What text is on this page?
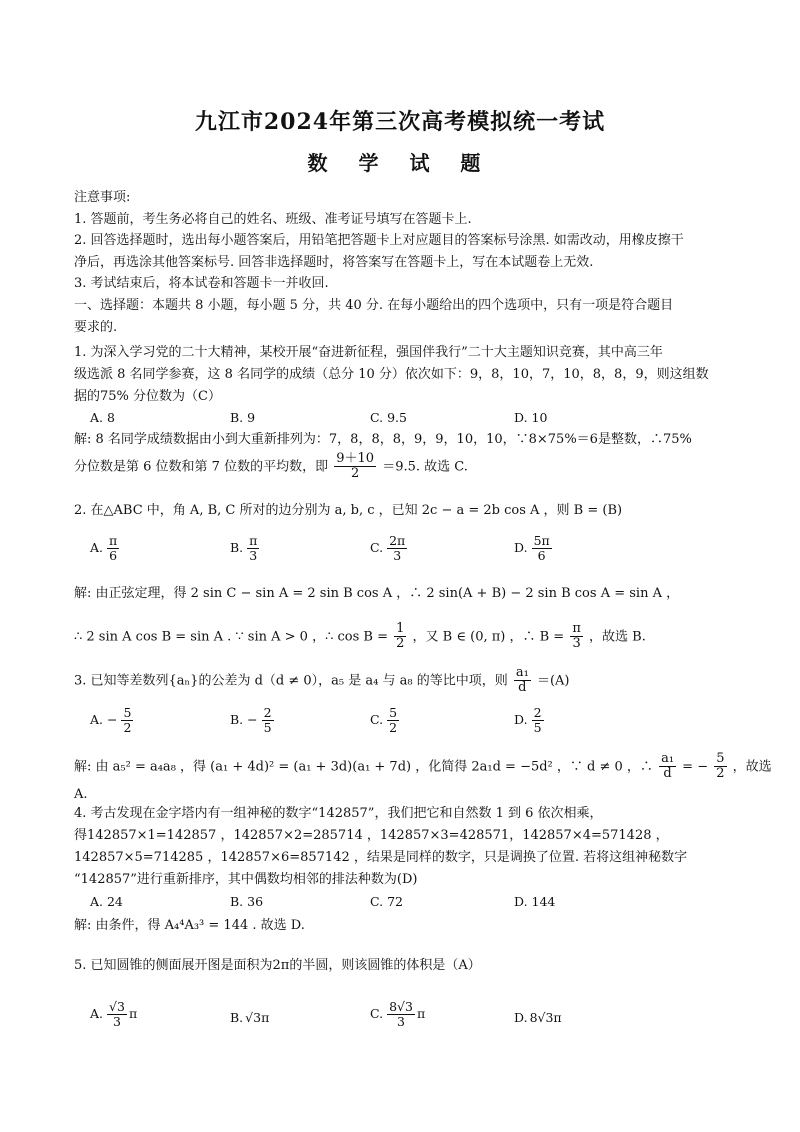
九江市2024年第三次高考模拟统一考试
数 学 试 题
注意事项:
1. 答题前，考生务必将自己的姓名、班级、准考证号填写在答题卡上.
2. 回答选择题时，选出每小题答案后，用铅笔把答题卡上对应题目的答案标号涂黑. 如需改动，用橡皮擦干
净后，再选涂其他答案标号. 回答非选择题时，将答案写在答题卡上，写在本试题卷上无效.
3. 考试结束后，将本试卷和答题卡一并收回.
一、选择题：本题共 8 小题，每小题 5 分，共 40 分. 在每小题给出的四个选项中，只有一项是符合题目
要求的.
1. 为深入学习党的二十大精神，某校开展“奋进新征程，强国伴我行”二十大主题知识竞赛，其中高三年
级选派 8 名同学参赛，这 8 名同学的成绩（总分 10 分）依次如下：9，8，10，7，10，8，8，9，则这组数
据的75% 分位数为（C）
A. 8	B. 9	C. 9.5	D. 10
解: 8 名同学成绩数据由小到大重新排列为：7，8，8，8，9，9，10，10，∵8×75%＝6是整数，∴75%
分位数是第 6 位数和第 7 位数的平均数，即 $\frac{9+10}{2} =9.5$. 故选 C.
2. 在△ABC 中，角 A, B, C 所对的边分别为 a, b, c ，已知 2c − a = 2b cos A ，则 B = (B)
A. $\frac{\pi}{6}$	B. $\frac{\pi}{3}$	C. $\frac{2\pi}{3}$	D. $\frac{5\pi}{6}$
解: 由正弦定理，得 2 sin C − sin A = 2 sin B cos A ，∴ 2 sin(A + B) − 2 sin B cos A = sin A ，
∴ 2 sin A cos B = sin A . ∵ sin A > 0 ，∴ $\cos B = \frac{1}{2}$ ，又 B ∈ (0, π) ，∴ $B = \frac{\pi}{3}$ ，故选 B.
3. 已知等差数列{aₙ}的公差为 d（d ≠ 0），a₅ 是 a₄ 与 a₈ 的等比中项，则 $\frac{\text{a₁}}{d} =(A)$
A. − $\frac{5}{2}$	B. − $\frac{2}{5}$	C. $\frac{5}{2}$	D. $\frac{2}{5}$
解: 由 a₅² = a₄a₈ ，得 (a₁ + 4d)² = (a₁ + 3d)(a₁ + 7d) ，化简得 2a₁d = −5d² ，∵ d ≠ 0 ，∴ $\frac{\text{a₁}}{d}$ = − $\frac{5}{2}$ ，故选
A.
4. 考古发现在金字塔内有一组神秘的数字“142857”，我们把它和自然数 1 到 6 依次相乘，
得142857×1=142857 ，142857×2=285714 ，142857×3=428571，142857×4=571428 ，
142857×5=714285 ，142857×6=857142 ，结果是同样的数字，只是调换了位置. 若将这组神秘数字
“142857”进行重新排序，其中偶数均相邻的排法种数为(D)
A. 24	B. 36	C. 72	D. 144
解: 由条件，得 A₄⁴A₃³ = 144 . 故选 D.
5. 已知圆锥的侧面展开图是面积为2π的半圆，则该圆锥的体积是（A）
A. $\frac{√3}{3}$ π	B. √3π	C. $\frac{8√3}{3}$ π	D. 8√3π
